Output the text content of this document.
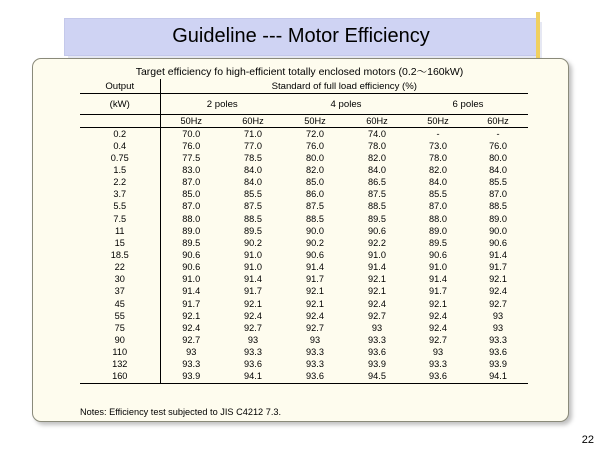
Guideline --- Motor Efficiency
Target efficiency fo high-efficient totally enclosed motors (0.2～160kW)
Output	Standard of full load efficiency (%)					
(kW)	2 poles		4 poles		6 poles	
	50Hz	60Hz	50Hz	60Hz	50Hz	60Hz
0.2	70.0	71.0	72.0	74.0	-	-
0.4	76.0	77.0	76.0	78.0	73.0	76.0
0.75	77.5	78.5	80.0	82.0	78.0	80.0
1.5	83.0	84.0	82.0	84.0	82.0	84.0
2.2	87.0	84.0	85.0	86.5	84.0	85.5
3.7	85.0	85.5	86.0	87.5	85.5	87.0
5.5	87.0	87.5	87.5	88.5	87.0	88.5
7.5	88.0	88.5	88.5	89.5	88.0	89.0
11	89.0	89.5	90.0	90.6	89.0	90.0
15	89.5	90.2	90.2	92.2	89.5	90.6
18.5	90.6	91.0	90.6	91.0	90.6	91.4
22	90.6	91.0	91.4	91.4	91.0	91.7
30	91.0	91.4	91.7	92.1	91.4	92.1
37	91.4	91.7	92.1	92.1	91.7	92.4
45	91.7	92.1	92.1	92.4	92.1	92.7
55	92.1	92.4	92.4	92.7	92.4	93
75	92.4	92.7	92.7	93	92.4	93
90	92.7	93	93	93.3	92.7	93.3
110	93	93.3	93.3	93.6	93	93.6
132	93.3	93.6	93.3	93.9	93.3	93.9
160	93.9	94.1	93.6	94.5	93.6	94.1
Notes: Efficiency test subjected to JIS C4212 7.3.
22
